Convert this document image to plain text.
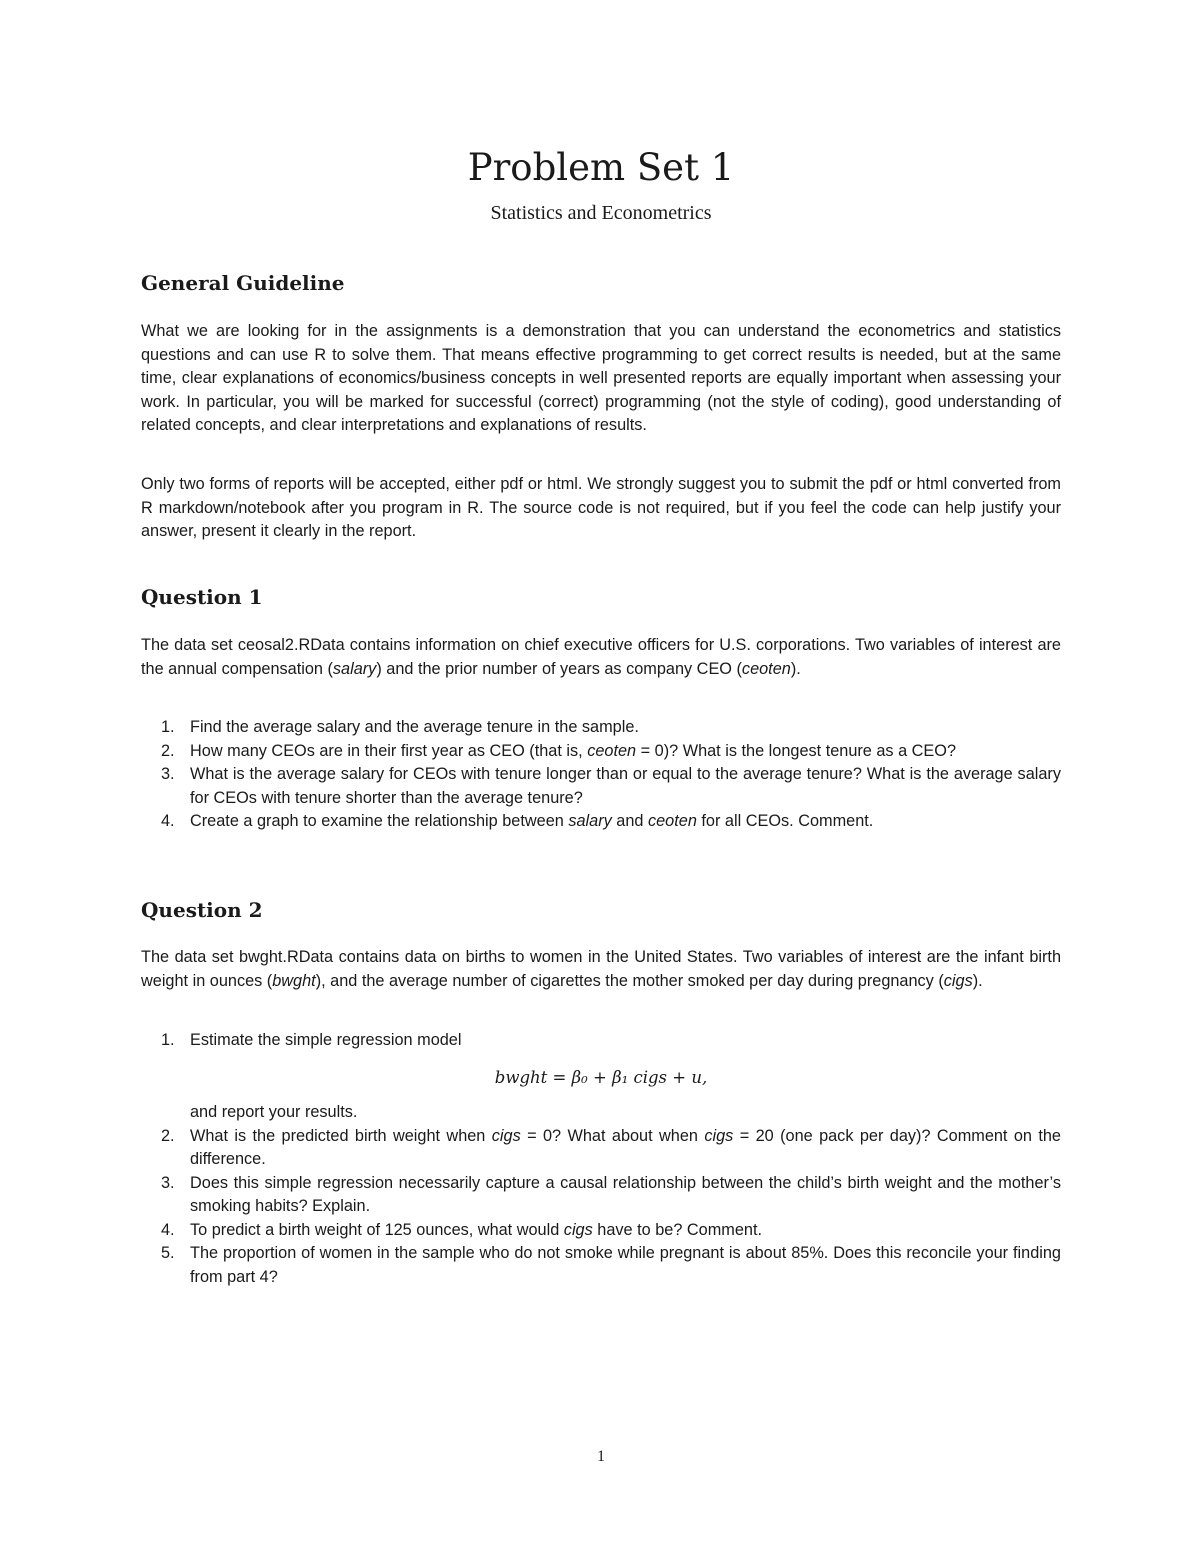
Problem Set 1
Statistics and Econometrics
General Guideline

What we are looking for in the assignments is a demonstration that you can understand the econometrics and statistics questions and can use R to solve them. That means effective programming to get correct results is needed, but at the same time, clear explanations of economics/business concepts in well presented reports are equally important when assessing your work. In particular, you will be marked for successful (correct) programming (not the style of coding), good understanding of related concepts, and clear interpretations and explanations of results.

Only two forms of reports will be accepted, either pdf or html. We strongly suggest you to submit the pdf or html converted from R markdown/notebook after you program in R. The source code is not required, but if you feel the code can help justify your answer, present it clearly in the report.

Question 1

The data set ceosal2.RData contains information on chief executive officers for U.S. corporations. Two variables of interest are the annual compensation (salary) and the prior number of years as company CEO (ceoten).

1. Find the average salary and the average tenure in the sample.
2. How many CEOs are in their first year as CEO (that is, ceoten = 0)? What is the longest tenure as a CEO?
3. What is the average salary for CEOs with tenure longer than or equal to the average tenure? What is the average salary for CEOs with tenure shorter than the average tenure?
4. Create a graph to examine the relationship between salary and ceoten for all CEOs. Comment.
Question 2

The data set bwght.RData contains data on births to women in the United States. Two variables of interest are the infant birth weight in ounces (bwght), and the average number of cigarettes the mother smoked per day during pregnancy (cigs).

1. Estimate the simple regression model
bwght = β₀ + β₁ cigs + u,
and report your results.
2. What is the predicted birth weight when cigs = 0? What about when cigs = 20 (one pack per day)? Comment on the difference.
3. Does this simple regression necessarily capture a causal relationship between the child’s birth weight and the mother’s smoking habits? Explain.
4. To predict a birth weight of 125 ounces, what would cigs have to be? Comment.
5. The proportion of women in the sample who do not smoke while pregnant is about 85%. Does this reconcile your finding from part 4?
1
